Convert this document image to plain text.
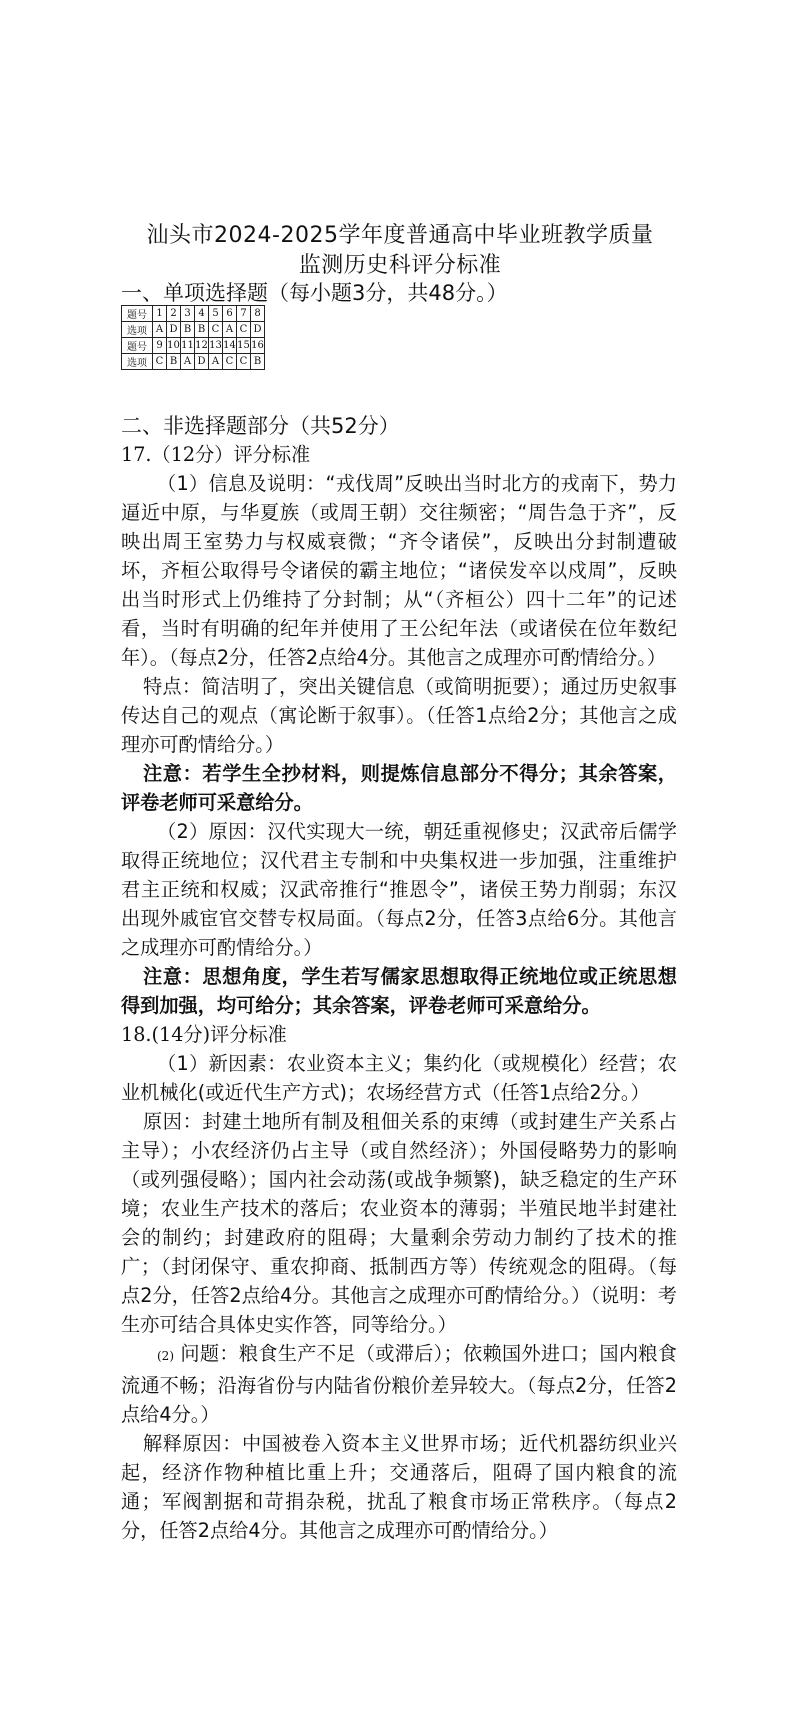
汕头市2024-2025学年度普通高中毕业班教学质量
监测历史科评分标准
一、单项选择题（每小题3分，共48分。）
题号	1	2	3	4	5	6	7	8
选项	A	D	B	B	C	A	C	D
题号	9	10	11	12	13	14	15	16
选项	C	B	A	D	A	C	C	B
二、非选择题部分（共52分）

17.（12分）评分标准

（1）信息及说明：“戎伐周”反映出当时北方的戎南下，势力逼近中原，与华夏族（或周王朝）交往频密；“周告急于齐”，反映出周王室势力与权威衰微；“齐令诸侯”，反映出分封制遭破坏，齐桓公取得号令诸侯的霸主地位；“诸侯发卒以戍周”，反映出当时形式上仍维持了分封制；从“（齐桓公）四十二年”的记述看，当时有明确的纪年并使用了王公纪年法（或诸侯在位年数纪年）。（每点2分，任答2点给4分。其他言之成理亦可酌情给分。）

特点：简洁明了，突出关键信息（或简明扼要）；通过历史叙事传达自己的观点（寓论断于叙事）。（任答1点给2分；其他言之成理亦可酌情给分。）

注意：若学生全抄材料，则提炼信息部分不得分；其余答案，评卷老师可采意给分。

（2）原因：汉代实现大一统，朝廷重视修史；汉武帝后儒学取得正统地位；汉代君主专制和中央集权进一步加强，注重维护君主正统和权威；汉武帝推行“推恩令”，诸侯王势力削弱；东汉出现外戚宦官交替专权局面。（每点2分，任答3点给6分。其他言之成理亦可酌情给分。）

注意：思想角度，学生若写儒家思想取得正统地位或正统思想得到加强，均可给分；其余答案，评卷老师可采意给分。

18.(14分)评分标准

（1）新因素：农业资本主义；集约化（或规模化）经营；农业机械化(或近代生产方式)；农场经营方式（任答1点给2分。）

原因：封建土地所有制及租佃关系的束缚（或封建生产关系占主导）；小农经济仍占主导（或自然经济）；外国侵略势力的影响（或列强侵略）；国内社会动荡(或战争频繁)，缺乏稳定的生产环境；农业生产技术的落后；农业资本的薄弱；半殖民地半封建社会的制约；封建政府的阻碍；大量剩余劳动力制约了技术的推广；（封闭保守、重农抑商、抵制西方等）传统观念的阻碍。（每点2分，任答2点给4分。其他言之成理亦可酌情给分。）（说明：考生亦可结合具体史实作答，同等给分。）

(2) 问题：粮食生产不足（或滞后）；依赖国外进口；国内粮食流通不畅；沿海省份与内陆省份粮价差异较大。（每点2分，任答2点给4分。）

解释原因：中国被卷入资本主义世界市场；近代机器纺织业兴起，经济作物种植比重上升；交通落后，阻碍了国内粮食的流通；军阀割据和苛捐杂税，扰乱了粮食市场正常秩序。（每点2分，任答2点给4分。其他言之成理亦可酌情给分。）
